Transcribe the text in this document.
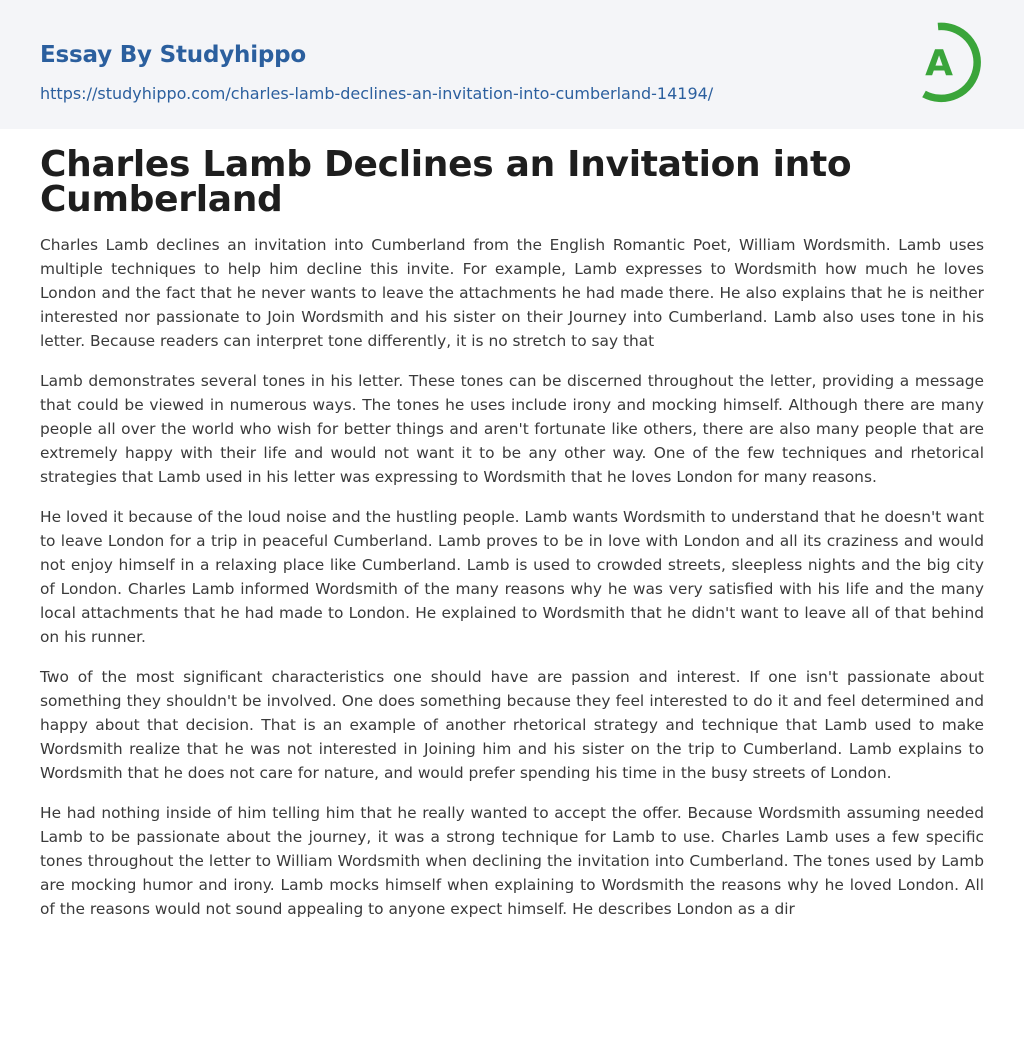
Essay By Studyhippo
https://studyhippo.com/charles-lamb-declines-an-invitation-into-cumberland-14194/
A
Charles Lamb Declines an Invitation into Cumberland

Charles Lamb declines an invitation into Cumberland from the English Romantic Poet, William Wordsmith. Lamb uses multiple techniques to help him decline this invite. For example, Lamb expresses to Wordsmith how much he loves London and the fact that he never wants to leave the attachments he had made there. He also explains that he is neither interested nor passionate to Join Wordsmith and his sister on their Journey into Cumberland. Lamb also uses tone in his letter. Because readers can interpret tone differently, it is no stretch to say that

Lamb demonstrates several tones in his letter. These tones can be discerned throughout the letter, providing a message that could be viewed in numerous ways. The tones he uses include irony and mocking himself. Although there are many people all over the world who wish for better things and aren't fortunate like others, there are also many people that are extremely happy with their life and would not want it to be any other way. One of the few techniques and rhetorical strategies that Lamb used in his letter was expressing to Wordsmith that he loves London for many reasons.

He loved it because of the loud noise and the hustling people. Lamb wants Wordsmith to understand that he doesn't want to leave London for a trip in peaceful Cumberland. Lamb proves to be in love with London and all its craziness and would not enjoy himself in a relaxing place like Cumberland. Lamb is used to crowded streets, sleepless nights and the big city of London. Charles Lamb informed Wordsmith of the many reasons why he was very satisfied with his life and the many local attachments that he had made to London. He explained to Wordsmith that he didn't want to leave all of that behind on his runner.

Two of the most significant characteristics one should have are passion and interest. If one isn't passionate about something they shouldn't be involved. One does something because they feel interested to do it and feel determined and happy about that decision. That is an example of another rhetorical strategy and technique that Lamb used to make Wordsmith realize that he was not interested in Joining him and his sister on the trip to Cumberland. Lamb explains to Wordsmith that he does not care for nature, and would prefer spending his time in the busy streets of London.

He had nothing inside of him telling him that he really wanted to accept the offer. Because Wordsmith assuming needed Lamb to be passionate about the journey, it was a strong technique for Lamb to use. Charles Lamb uses a few specific tones throughout the letter to William Wordsmith when declining the invitation into Cumberland. The tones used by Lamb are mocking humor and irony. Lamb mocks himself when explaining to Wordsmith the reasons why he loved London. All of the reasons would not sound appealing to anyone expect himself. He describes London as a dir
